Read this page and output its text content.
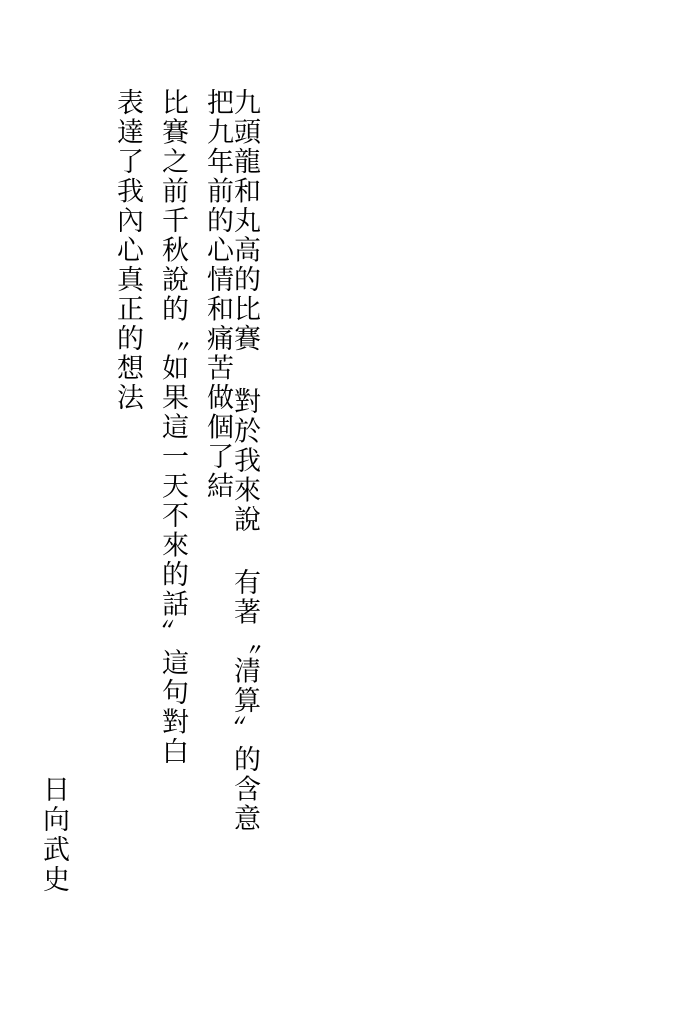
九頭龍和丸高的比賽 對於我來說 有著〝清算〞的含意
把九年前的心情和痛苦做個了結
比賽之前千秋說的〝如果這一天不來的話〞這句對白
表達了我內心真正的想法
日向武史
